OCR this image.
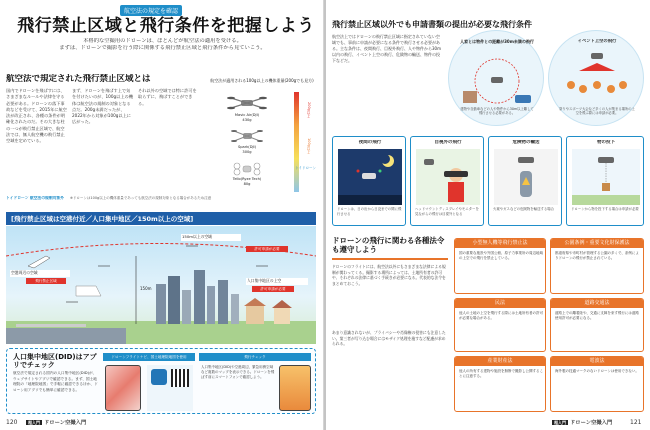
航空法の規定を確認
飛行禁止区域と飛行条件を把握しよう
本格的な空撮用のドローンは、ほとんどが航空法の適用を受ける。
まずは、ドローンで撮影を行う際に関係する飛行禁止区域と飛行条件から見ていこう。
航空法で規定された飛行禁止区域とは
国内でドローンを飛ばすには、さまざまなルールや法律を守る必要がある。ドローンの落下事故などを受けて、2015年に航空法が改正され、各種の条件が明確化されたのだ。その大きな柱の一つが飛行禁止区域で、航空法では、無人航空機の飛行禁止空域を定めている。
まず、ドローンを飛ばす上で気を付けたいのが、100g以上の機体は航空法の規制の対象となる点だ。200g未満だったが、2022年から対象が100g以上に広がった。
それ以外の空域では特に許可を取らずに、飛ばすことができる。
航空法が適用される100g以上の機体重量(200gでも見方)
200g以上
100g以上
トイドローン
Mavic Air(DJI)
430g
Spark(DJI)
300g
Tello(Ryze Tech)
80g
トイドローン 航空法の規制対象外	※ドローンは100g以上の機体重量であっても航空法の規制対象となる場合があるため注意
[飛行禁止区域は空港付近／人口集中地区／150m以上の空域]
空港周辺の空域
飛行禁止区域
150m以上の空域
許可申請が必要
150m
人口集中地区の上空
許可申請が必要
人口集中地区(DID)はアプリでチェック
航空法で規定される国内の人口集中地区(DID)が、ウェブサイトやアプリで確認できる。まず、国土地理院の「地理院地図」で手軽に確認できるほか、ドローン用アプリでも簡単に確認できる。
ドローンフライトナビ、国土地理院地図を使用	飛行チェック
人口集中地区(DID)や空港周辺、緊急用務空域など複数のマップを表示できる。ドローンを飛ばす前にスマートフォンで確認しよう。
120	超入門 ドローン空撮入門
飛行禁止区域以外でも申請書類の提出が必要な飛行条件
航空法上ではドローンの飛行禁止区域に指定されていない空域でも、事前に申請が必要になる条件で飛行させる必要がある。主な条件は、夜間飛行、目視外飛行、人や物件から30m以内の飛行、イベント上空の飛行、危険物の輸送、物件の投下などだ。
人家とは物件との距離が30m未満の飛行
建物や自動車などの人や物件から30m以上離して飛行させる必要がある。
イベント上空の飛行
祭りやスポーツ大会など多くの人が集まる場所の上空を飛ぶ際には申請が必要。
夜間の飛行
ドローンは、日の出から日没までの間に飛行させる
目視外の飛行
ヘッドマウントディスプレイやモニターを見ながらの飛行は目視外となる
危険物の輸送
火薬やガスなどの危険物を輸送する場合
物の投下
ドローンから物を投下する場合は申請が必要
ドローンの飛行に関わる各種法令も遵守しよう
ドローンのフライトには、航空法以外にもさまざまな法律による規制が関わってくる。撮影する場所によっては、土地所有者の許可や、それぞれの法律に基づく手続きが必要になる。代表的な法令をまとめておこう。
あまり意識されないが、プライバシーや肖像権の侵害にも注意したい。第三者が写り込む場合にはモザイク処理を施すなど配慮が求められる。
小型無人機等飛行禁止法
国の重要な施設や外国公館、原子力事業所の周辺地域の上空での飛行を禁止している。
公園条例・重要文化財保護法
都道府県や市町村が管理する公園の多くで、条例によりドローンの飛行が禁止されている。
民法
他人の土地の上空を飛行する際には土地所有者の許可が必要な場合がある。
道路交通法
道路上での離着陸や、交通に支障を来す飛行には道路使用許可が必要になる。
産業財産法
他人の所有する建物や施設を無断で撮影し公開することに注意する。
電波法
海外製の技適マークのないドローンは使用できない。
超入門 ドローン空撮入門	121
